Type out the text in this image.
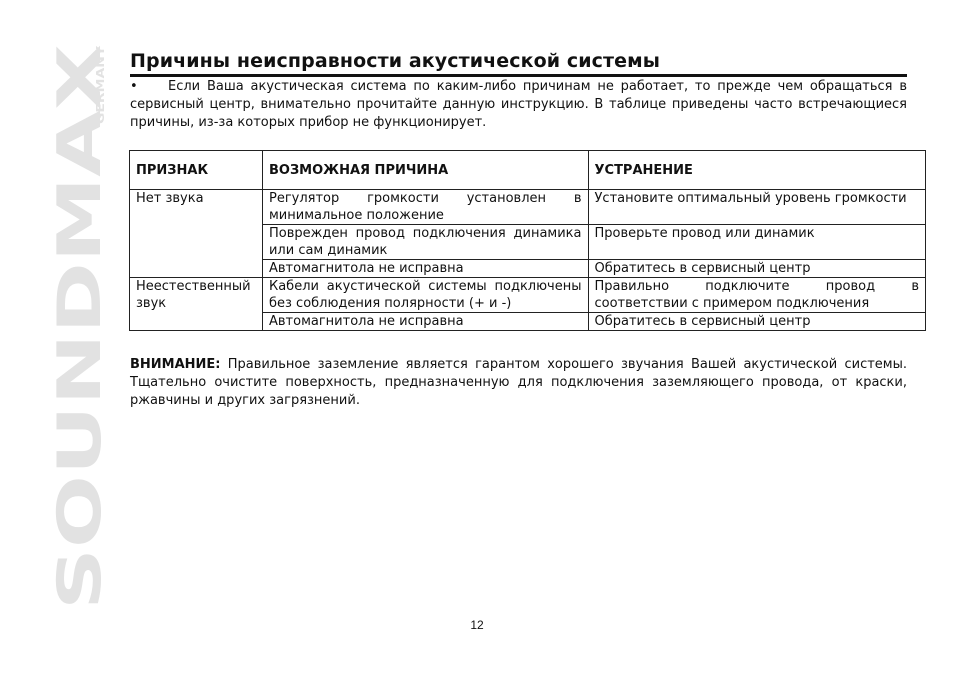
SOUNDMAX
GERMANY
Причины неисправности акустической системы
• Если Ваша акустическая система по каким-либо причинам не работает, то прежде чем обращаться в сервисный центр, внимательно прочитайте данную инструкцию. В таблице приведены часто встречающиеся причины, из-за которых прибор не функционирует.
ПРИЗНАК	ВОЗМОЖНАЯ ПРИЧИНА	УСТРАНЕНИЕ
Нет звука	Регулятор громкости установлен в минимальное положение	Установите оптимальный уровень громкости
	Поврежден провод подключения динамика или сам динамик	Проверьте провод или динамик
	Автомагнитола не исправна	Обратитесь в сервисный центр
Неестественный звук	Кабели акустической системы подключены без соблюдения полярности (+ и -)	Правильно подключите провод в соответствии с примером подключения
	Автомагнитола не исправна	Обратитесь в сервисный центр
ВНИМАНИЕ: Правильное заземление является гарантом хорошего звучания Вашей акустической системы. Тщательно очистите поверхность, предназначенную для подключения заземляющего провода, от краски, ржавчины и других загрязнений.
12
